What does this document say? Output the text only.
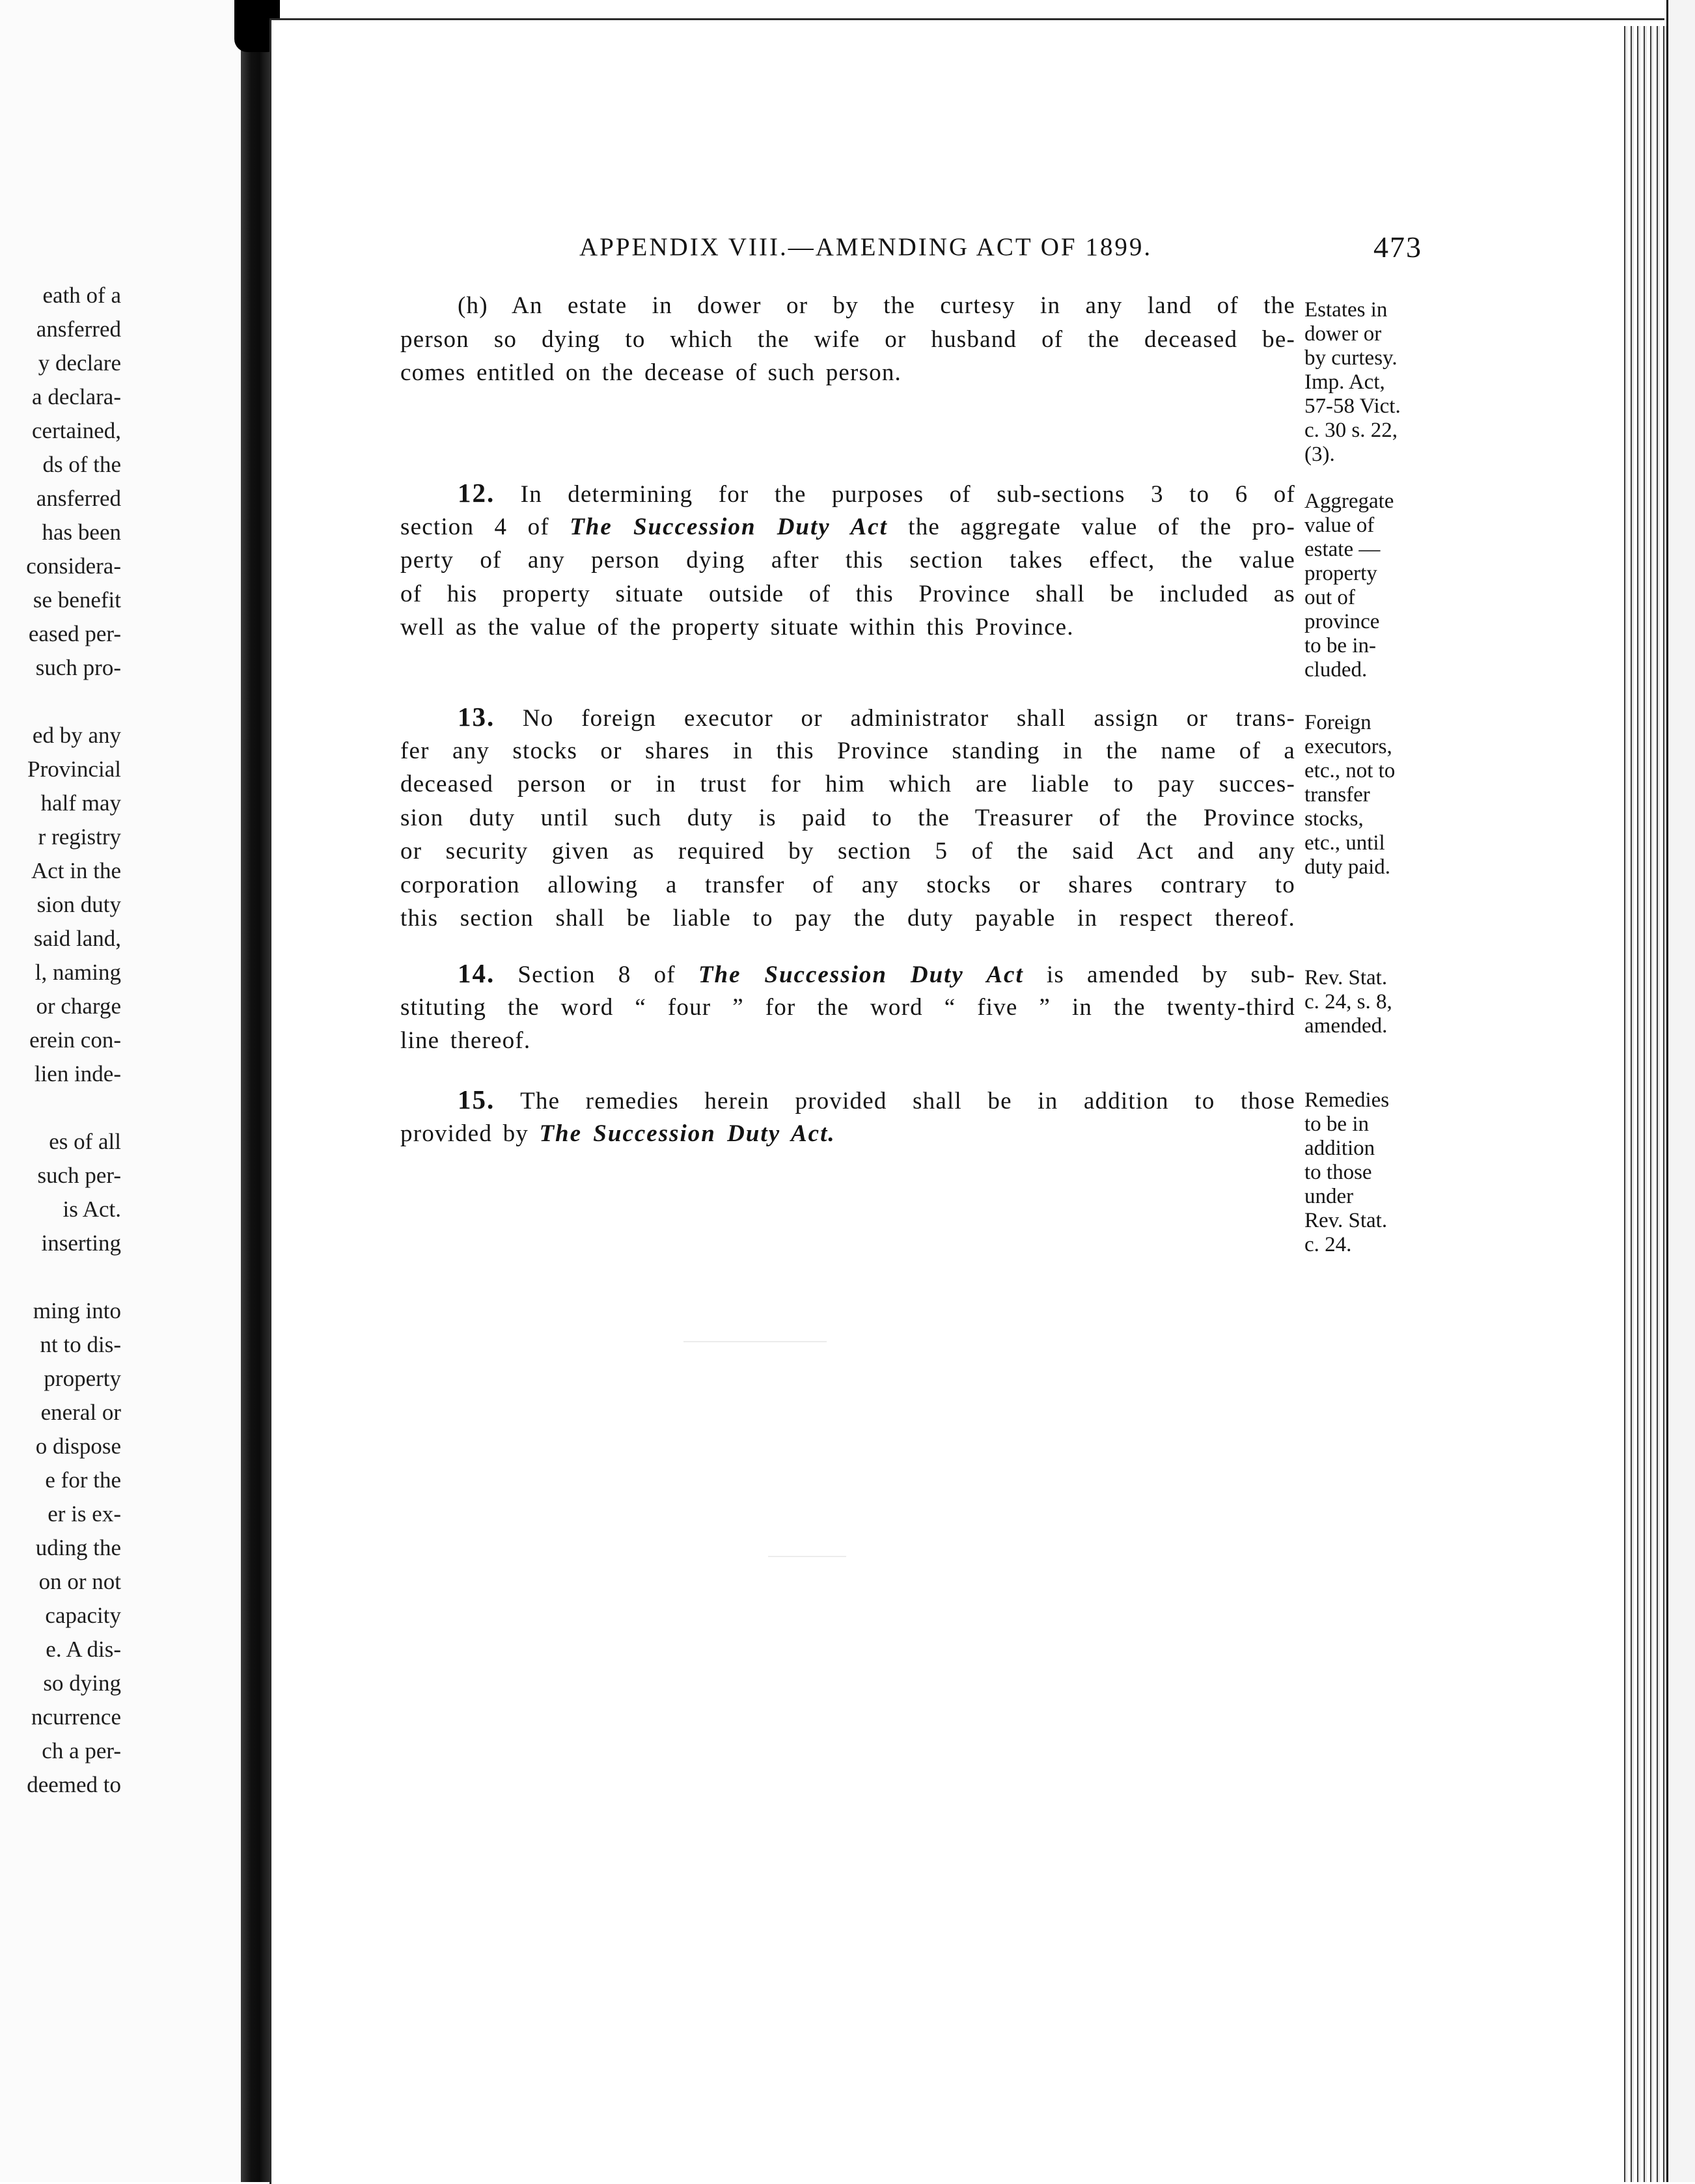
eath of a
ansferred
y declare
a declara-
certained,
ds of the
ansferred
has been
considera-
se benefit
eased per-
such pro-
ed by any
Provincial
half may
r registry
Act in the
sion duty
said land,
l, naming
or charge
erein con-
lien inde-
es of all
such per-
is Act.
inserting
ming into
nt to dis-
property
eneral or
o dispose
e for the
er is ex-
uding the
on or not
capacity
e. A dis-
so dying
ncurrence
ch a per-
deemed to
APPENDIX VIII.—AMENDING ACT OF 1899.	473
(h) An estate in dower or by the curtesy in any land of the
person so dying to which the wife or husband of the deceased be-
comes entitled on the decease of such person.
Estates in
dower or
by curtesy.
Imp. Act,
57-58 Vict.
c. 30 s. 22,
(3).
12. In determining for the purposes of sub-sections 3 to 6 of
section 4 of The Succession Duty Act the aggregate value of the pro-
perty of any person dying after this section takes effect, the value
of his property situate outside of this Province shall be included as
well as the value of the property situate within this Province.
Aggregate
value of
estate —
property
out of
province
to be in-
cluded.
13. No foreign executor or administrator shall assign or trans-
fer any stocks or shares in this Province standing in the name of a
deceased person or in trust for him which are liable to pay succes-
sion duty until such duty is paid to the Treasurer of the Province
or security given as required by section 5 of the said Act and any
corporation allowing a transfer of any stocks or shares contrary to
this section shall be liable to pay the duty payable in respect thereof.
Foreign
executors,
etc., not to
transfer
stocks,
etc., until
duty paid.
14. Section 8 of The Succession Duty Act is amended by sub-
stituting the word “ four ” for the word “ five ” in the twenty-third
line thereof.
Rev. Stat.
c. 24, s. 8,
amended.
15. The remedies herein provided shall be in addition to those
provided by The Succession Duty Act.
Remedies
to be in
addition
to those
under
Rev. Stat.
c. 24.
